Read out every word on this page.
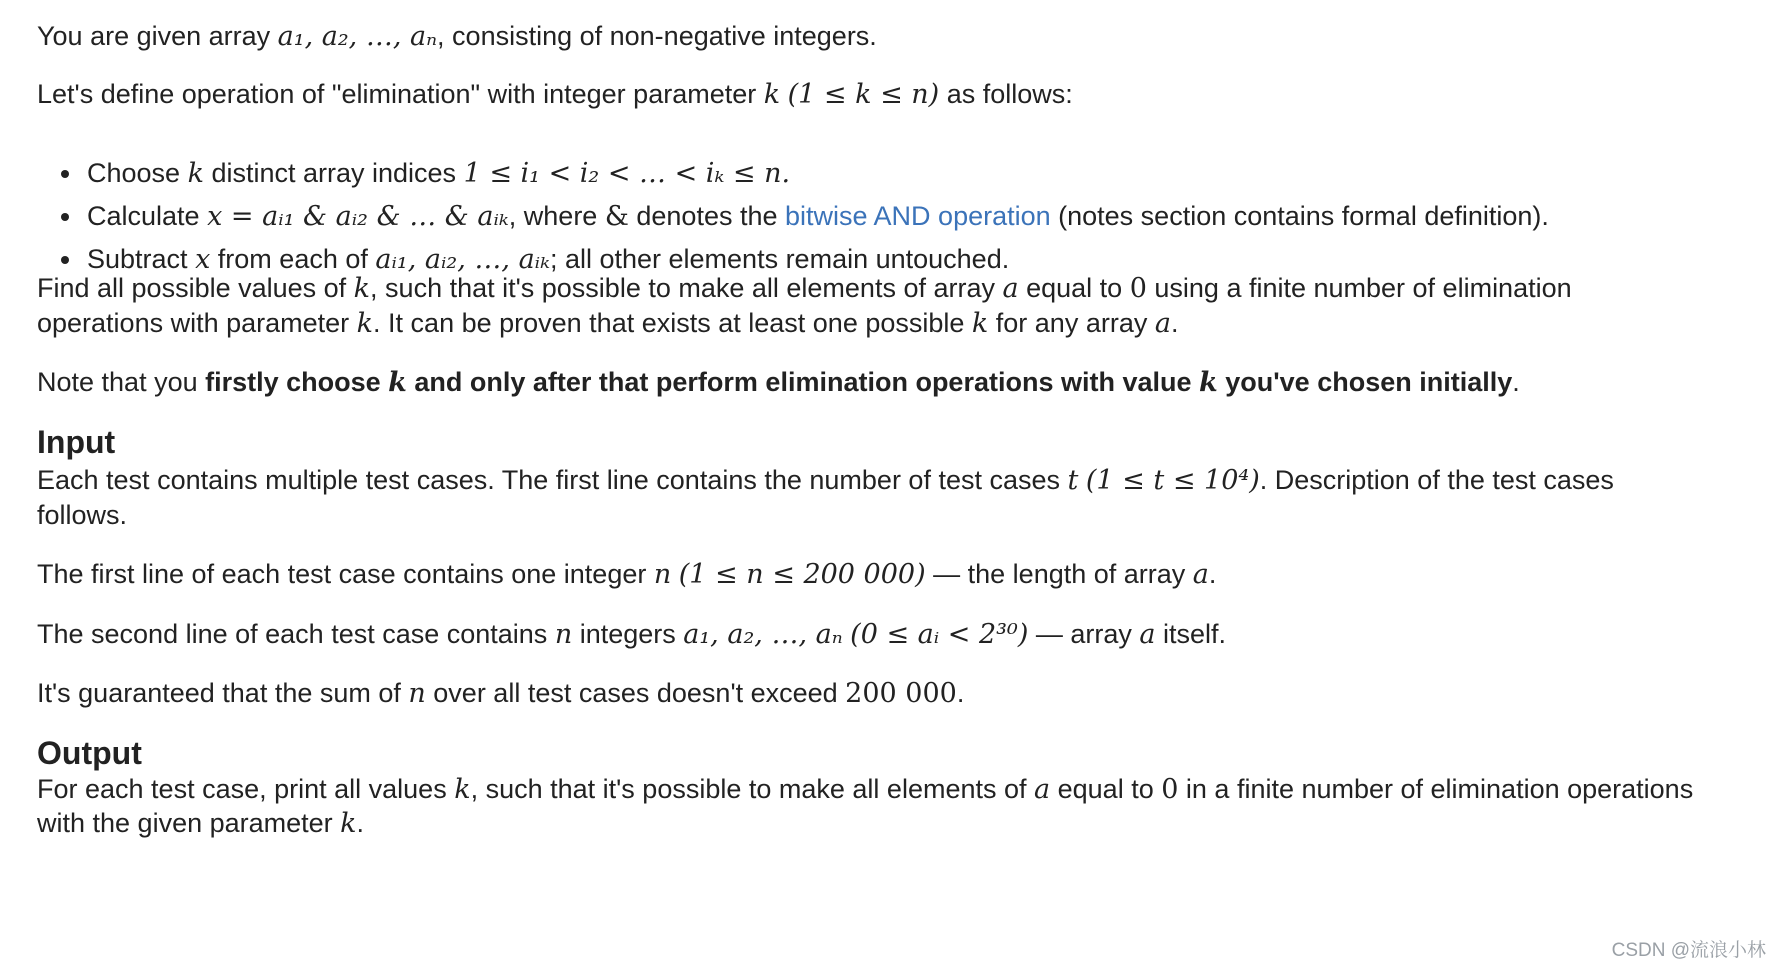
You are given array a₁, a₂, …, aₙ, consisting of non-negative integers.

Let's define operation of "elimination" with integer parameter k (1 ≤ k ≤ n) as follows:

Choose k distinct array indices 1 ≤ i₁ < i₂ < … < iₖ ≤ n.
Calculate x = aᵢ₁ & aᵢ₂ & … & aᵢₖ, where & denotes the bitwise AND operation (notes section contains formal definition).
Subtract x from each of aᵢ₁, aᵢ₂, …, aᵢₖ; all other elements remain untouched.

Find all possible values of k, such that it's possible to make all elements of array a equal to 0 using a finite number of elimination

operations with parameter k. It can be proven that exists at least one possible k for any array a.

Note that you firstly choose k and only after that perform elimination operations with value k you've chosen initially.

Input

Each test contains multiple test cases. The first line contains the number of test cases t (1 ≤ t ≤ 10⁴). Description of the test cases

follows.

The first line of each test case contains one integer n (1 ≤ n ≤ 200 000) — the length of array a.

The second line of each test case contains n integers a₁, a₂, …, aₙ (0 ≤ aᵢ < 2³⁰) — array a itself.

It's guaranteed that the sum of n over all test cases doesn't exceed 200 000.

Output

For each test case, print all values k, such that it's possible to make all elements of a equal to 0 in a finite number of elimination operations

with the given parameter k.

CSDN @流浪小林
